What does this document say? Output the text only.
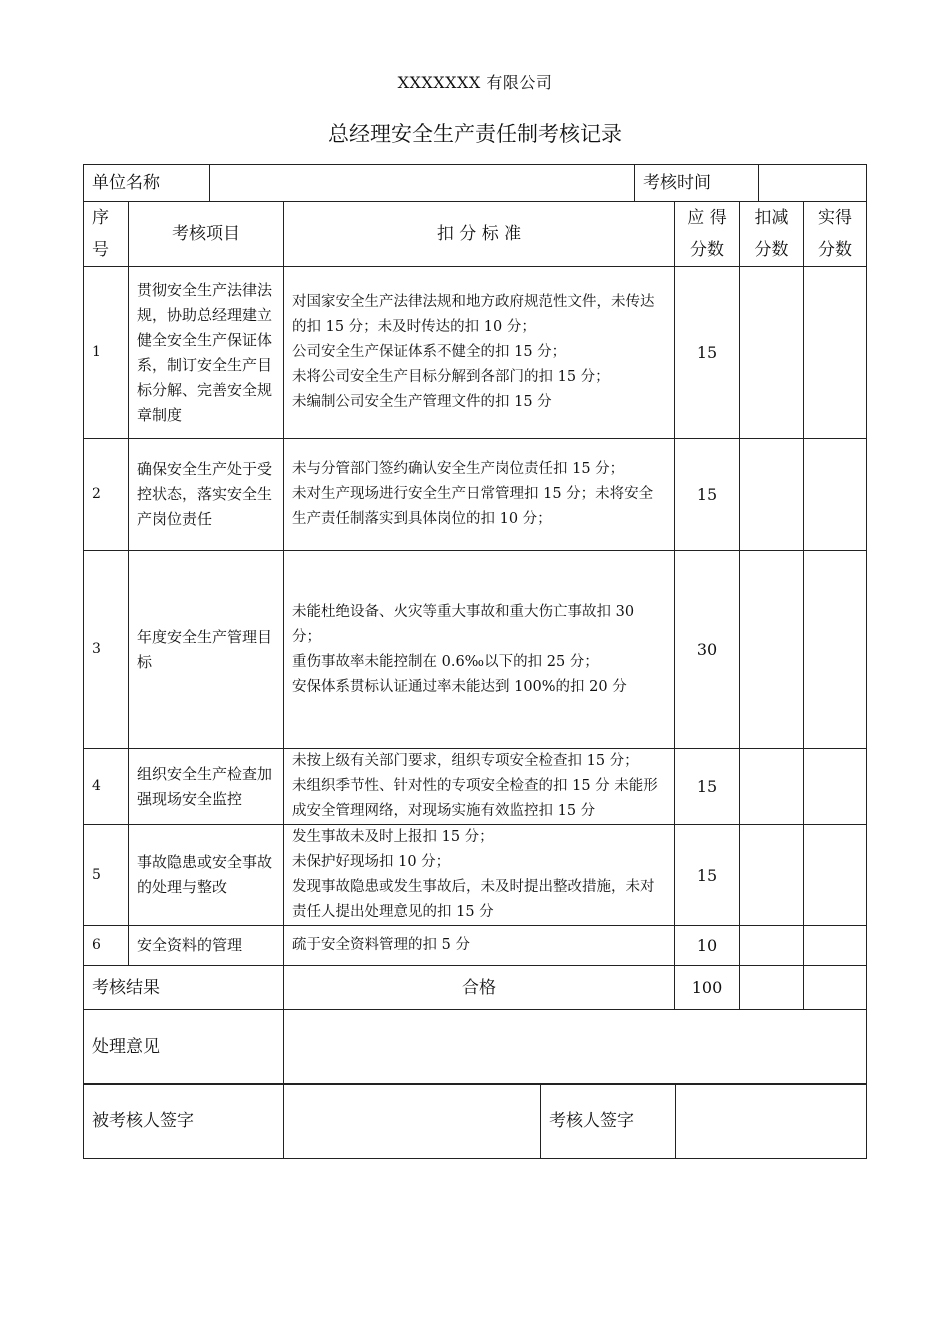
XXXXXXX 有限公司
总经理安全生产责任制考核记录
单位名称		考核时间	
序号	考核项目	扣 分 标 准	应 得 分数	扣减 分数	实得 分数
1	贯彻安全生产法律法规，协助总经理建立健全安全生产保证体系，制订安全生产目标分解、完善安全规章制度	对国家安全生产法律法规和地方政府规范性文件，未传达的扣 15 分；未及时传达的扣 10 分；
公司安全生产保证体系不健全的扣 15 分；
未将公司安全生产目标分解到各部门的扣 15 分；
未编制公司安全生产管理文件的扣 15 分	15		
2	确保安全生产处于受控状态，落实安全生产岗位责任	未与分管部门签约确认安全生产岗位责任扣 15 分；
未对生产现场进行安全生产日常管理扣 15 分；未将安全生产责任制落实到具体岗位的扣 10 分；	15		
3	年度安全生产管理目标	未能杜绝设备、火灾等重大事故和重大伤亡事故扣 30 分；
重伤事故率未能控制在 0.6‰以下的扣 25 分；
安保体系贯标认证通过率未能达到 100%的扣 20 分	30		
4	组织安全生产检查加强现场安全监控	未按上级有关部门要求，组织专项安全检查扣 15 分；
未组织季节性、针对性的专项安全检查的扣 15 分 未能形成安全管理网络，对现场实施有效监控扣 15 分	15		
5	事故隐患或安全事故的处理与整改	发生事故未及时上报扣 15 分；
未保护好现场扣 10 分；
发现事故隐患或发生事故后，未及时提出整改措施，未对责任人提出处理意见的扣 15 分	15		
6	安全资料的管理	疏于安全资料管理的扣 5 分	10		
考核结果		合格	100		
处理意见					
被考核人签字		考核人签字	
